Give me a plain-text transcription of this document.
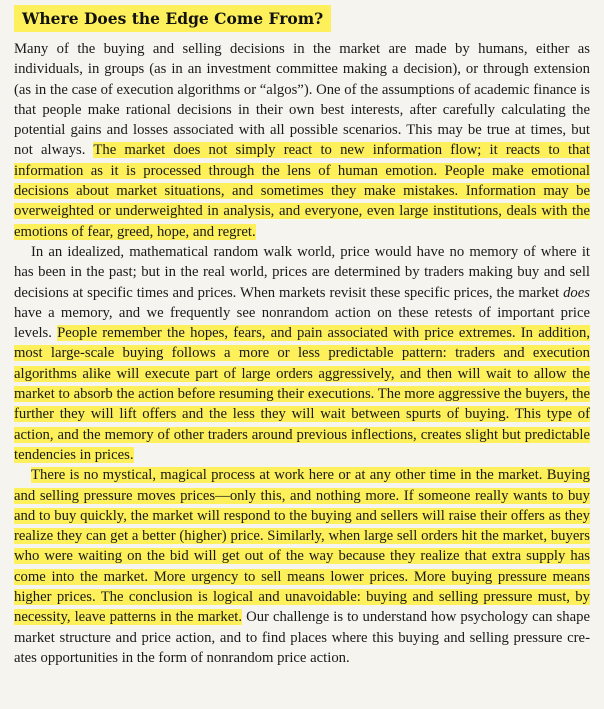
Where Does the Edge Come From?

Many of the buying and selling decisions in the market are made by humans, either as individuals, in groups (as in an investment committee making a decision), or through extension (as in the case of execution algorithms or “algos”). One of the assumptions of academic finance is that people make rational decisions in their own best interests, after carefully calculating the potential gains and losses associated with all possible scenarios. This may be true at times, but not always. The market does not simply react to new information flow; it reacts to that information as it is processed through the lens of human emotion. People make emotional decisions about market situations, and sometimes they make mistakes. Information may be overweighted or underweighted in analysis, and everyone, even large institutions, deals with the emotions of fear, greed, hope, and regret.

In an idealized, mathematical random walk world, price would have no memory of where it has been in the past; but in the real world, prices are determined by traders making buy and sell decisions at specific times and prices. When markets revisit these specific prices, the market does have a memory, and we frequently see nonrandom action on these retests of important price levels. People remember the hopes, fears, and pain associated with price extremes. In addition, most large-scale buying follows a more or less predictable pattern: traders and execution algorithms alike will execute part of large orders aggressively, and then will wait to allow the market to absorb the action before resuming their executions. The more aggressive the buyers, the further they will lift offers and the less they will wait between spurts of buying. This type of action, and the memory of other traders around previous inflections, creates slight but predictable tendencies in prices.

There is no mystical, magical process at work here or at any other time in the market. Buying and selling pressure moves prices—only this, and nothing more. If someone really wants to buy and to buy quickly, the market will respond to the buying and sellers will raise their offers as they realize they can get a better (higher) price. Similarly, when large sell orders hit the market, buyers who were waiting on the bid will get out of the way because they realize that extra supply has come into the market. More urgency to sell means lower prices. More buying pressure means higher prices. The conclusion is logical and unavoidable: buying and selling pressure must, by necessity, leave patterns in the market. Our challenge is to understand how psychology can shape market structure and price action, and to find places where this buying and selling pressure creates opportunities in the form of nonrandom price action.
